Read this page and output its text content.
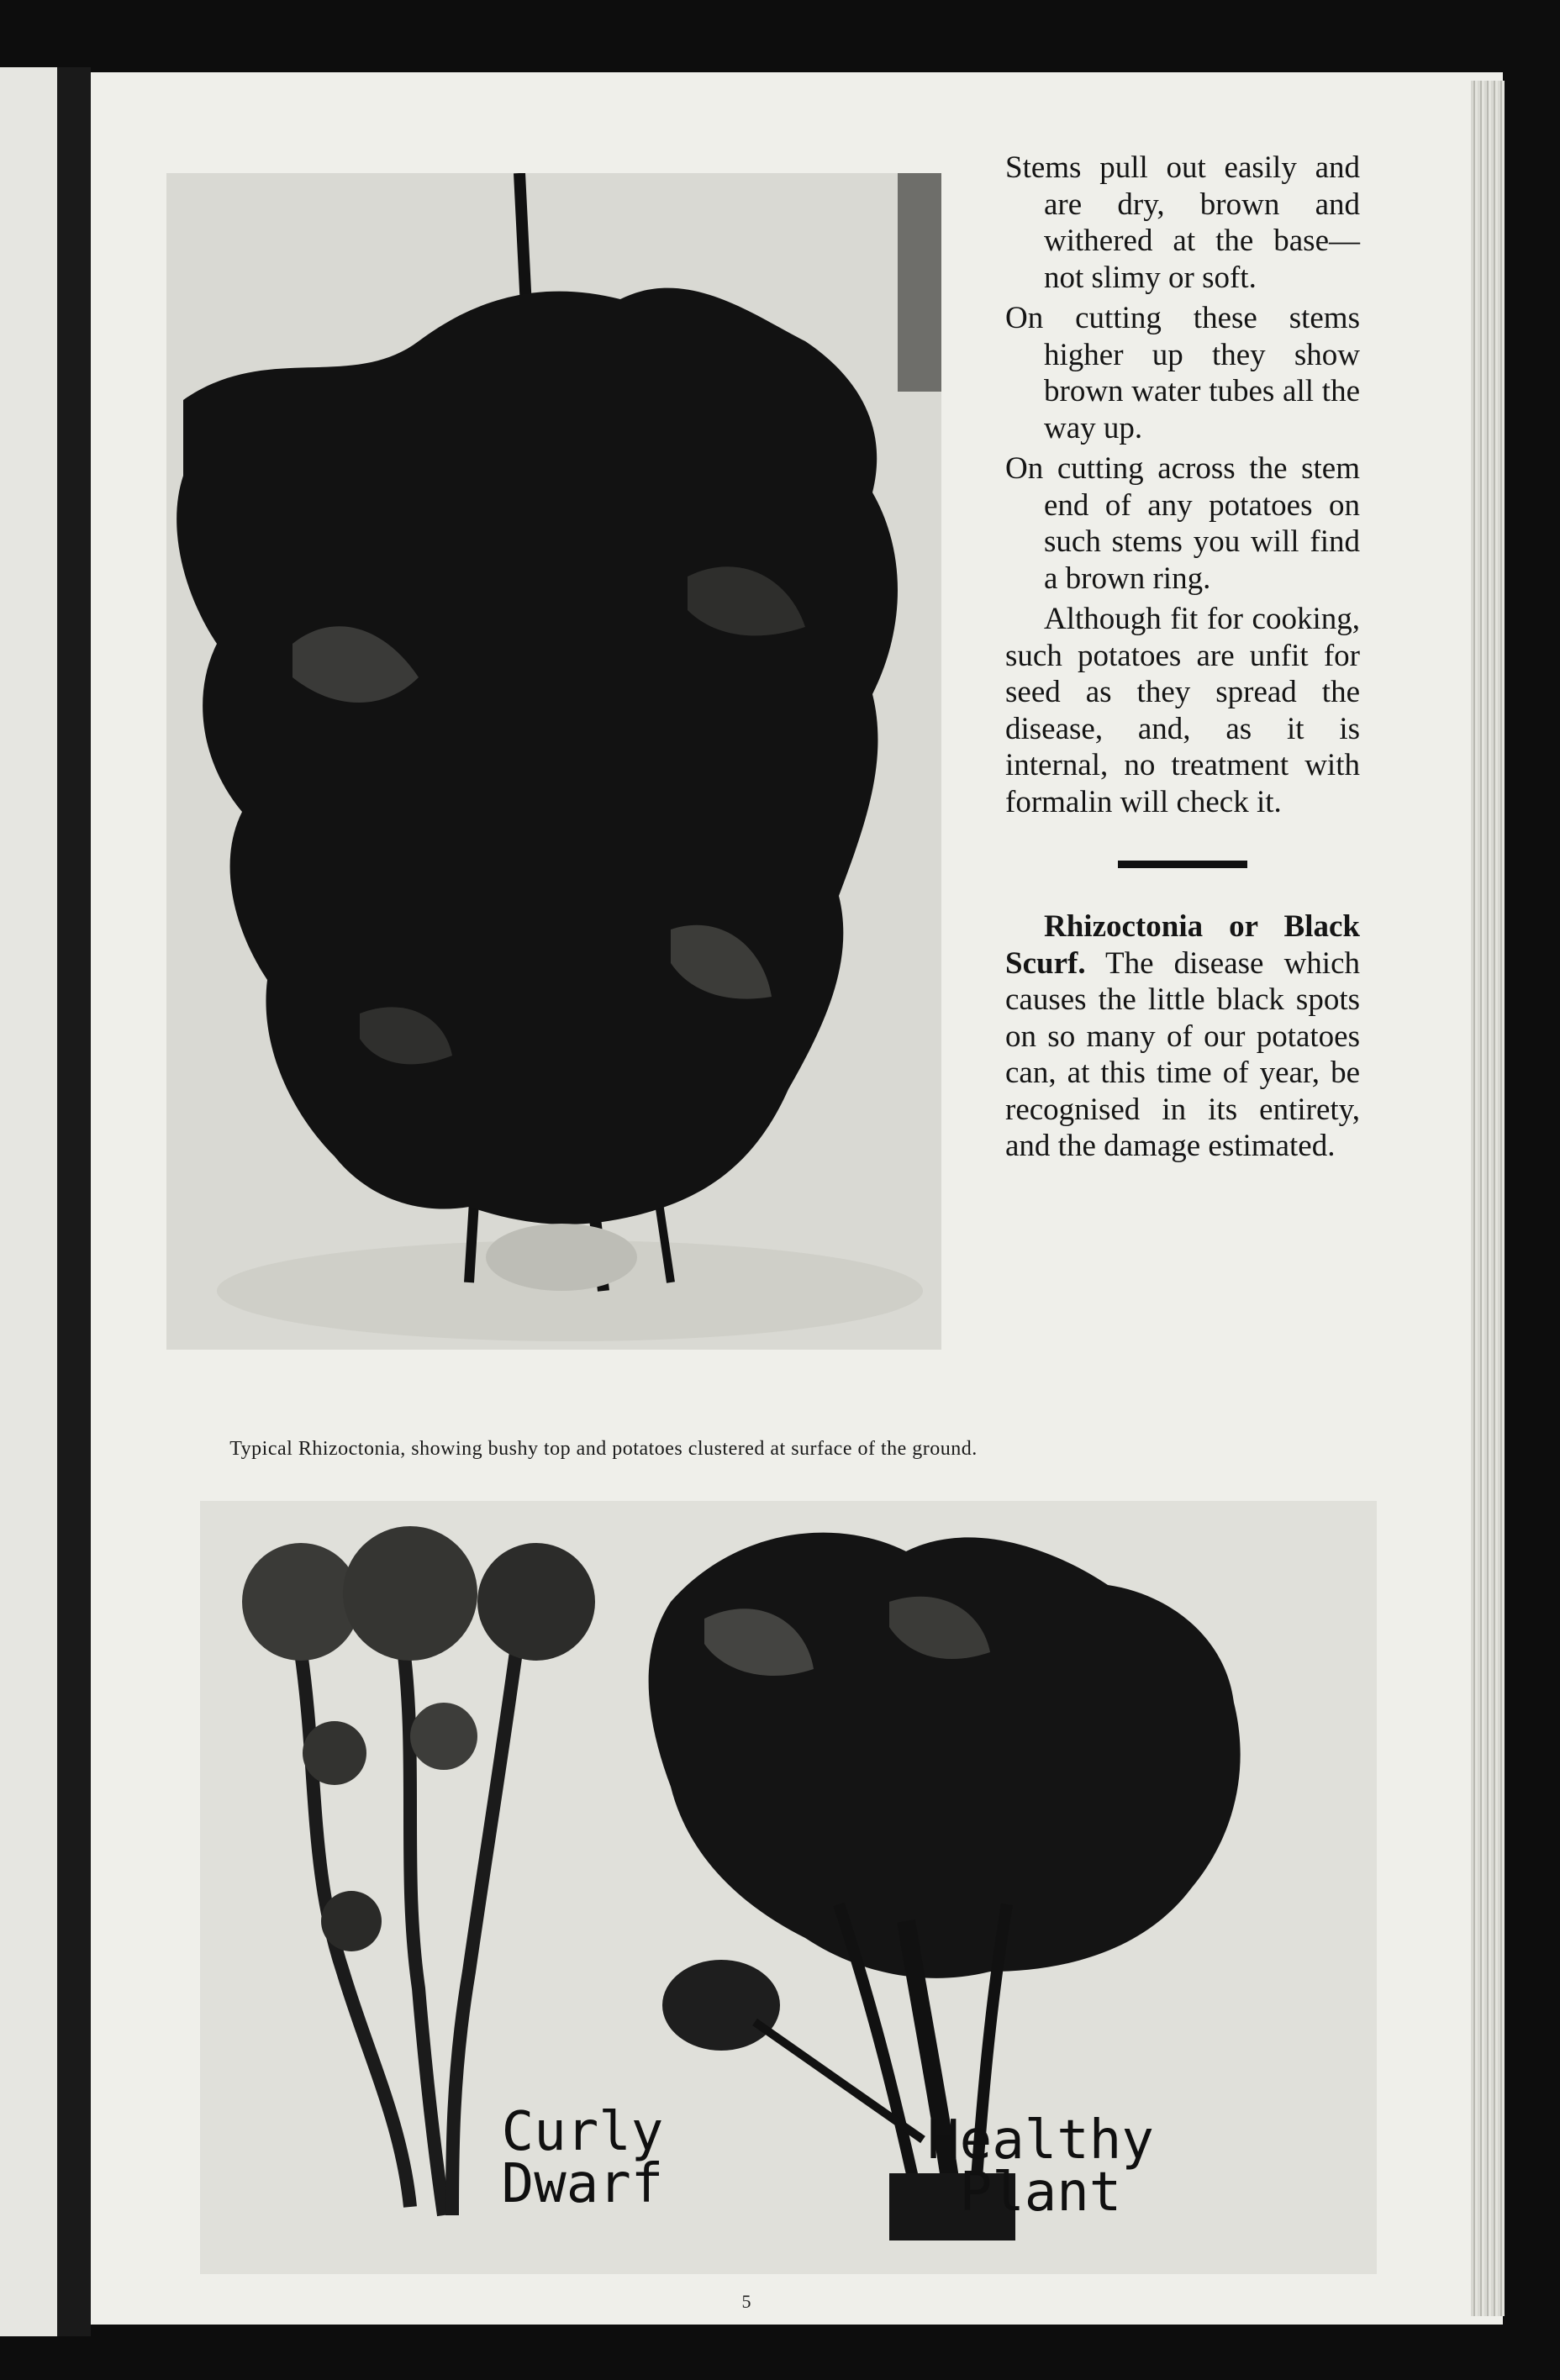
Typical Rhizoctonia, showing bushy top and potatoes clustered at surface of the ground.

Stems pull out easily and are dry, brown and withered at the base—not slimy or soft.

On cutting these stems higher up they show brown water tubes all the way up.

On cutting across the stem end of any potatoes on such stems you will find a brown ring.

Although fit for cooking, such potatoes are unfit for seed as they spread the disease, and, as it is internal, no treatment with formalin will check it.

Rhizoctonia or Black Scurf. The disease which causes the little black spots on so many of our potatoes can, at this time of year, be recognised in its entirety, and the damage estimated.

Curly Dwarf
Healthy Plant
5
